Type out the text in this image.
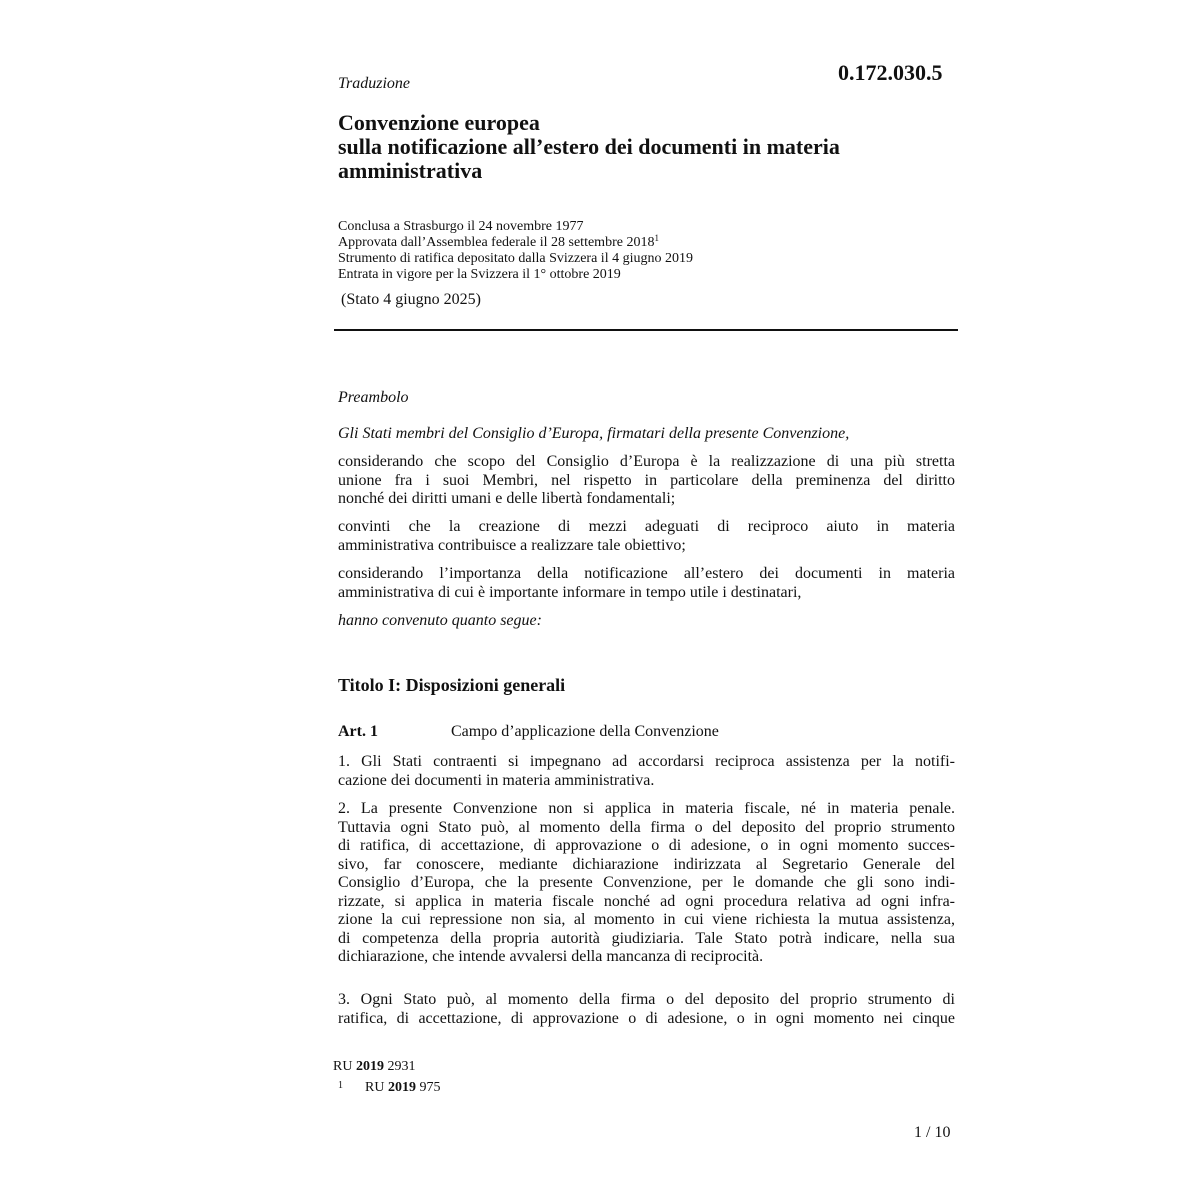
0.172.030.5
Traduzione
Convenzione europea
sulla notificazione all’estero dei documenti in materia
amministrativa
Conclusa a Strasburgo il 24 novembre 1977
Approvata dall’Assemblea federale il 28 settembre 2018$^1$
Strumento di ratifica depositato dalla Svizzera il 4 giugno 2019
Entrata in vigore per la Svizzera il 1° ottobre 2019
(Stato 4 giugno 2025)
Preambolo
Gli Stati membri del Consiglio d’Europa, firmatari della presente Convenzione,
considerando che scopo del Consiglio d’Europa è la realizzazione di una più stretta
unione fra i suoi Membri, nel rispetto in particolare della preminenza del diritto
nonché dei diritti umani e delle libertà fondamentali;
convinti che la creazione di mezzi adeguati di reciproco aiuto in materia
amministrativa contribuisce a realizzare tale obiettivo;
considerando l’importanza della notificazione all’estero dei documenti in materia
amministrativa di cui è importante informare in tempo utile i destinatari,
hanno convenuto quanto segue:
Titolo I: Disposizioni generali
Art. 1	Campo d’applicazione della Convenzione
1. Gli Stati contraenti si impegnano ad accordarsi reciproca assistenza per la notifi-
cazione dei documenti in materia amministrativa.
2. La presente Convenzione non si applica in materia fiscale, né in materia penale.
Tuttavia ogni Stato può, al momento della firma o del deposito del proprio strumento
di ratifica, di accettazione, di approvazione o di adesione, o in ogni momento succes-
sivo, far conoscere, mediante dichiarazione indirizzata al Segretario Generale del
Consiglio d’Europa, che la presente Convenzione, per le domande che gli sono indi-
rizzate, si applica in materia fiscale nonché ad ogni procedura relativa ad ogni infra-
zione la cui repressione non sia, al momento in cui viene richiesta la mutua assistenza,
di competenza della propria autorità giudiziaria. Tale Stato potrà indicare, nella sua
dichiarazione, che intende avvalersi della mancanza di reciprocità.
3. Ogni Stato può, al momento della firma o del deposito del proprio strumento di
ratifica, di accettazione, di approvazione o di adesione, o in ogni momento nei cinque
RU 2019 2931
$^1$ RU 2019 975
1 / 10
